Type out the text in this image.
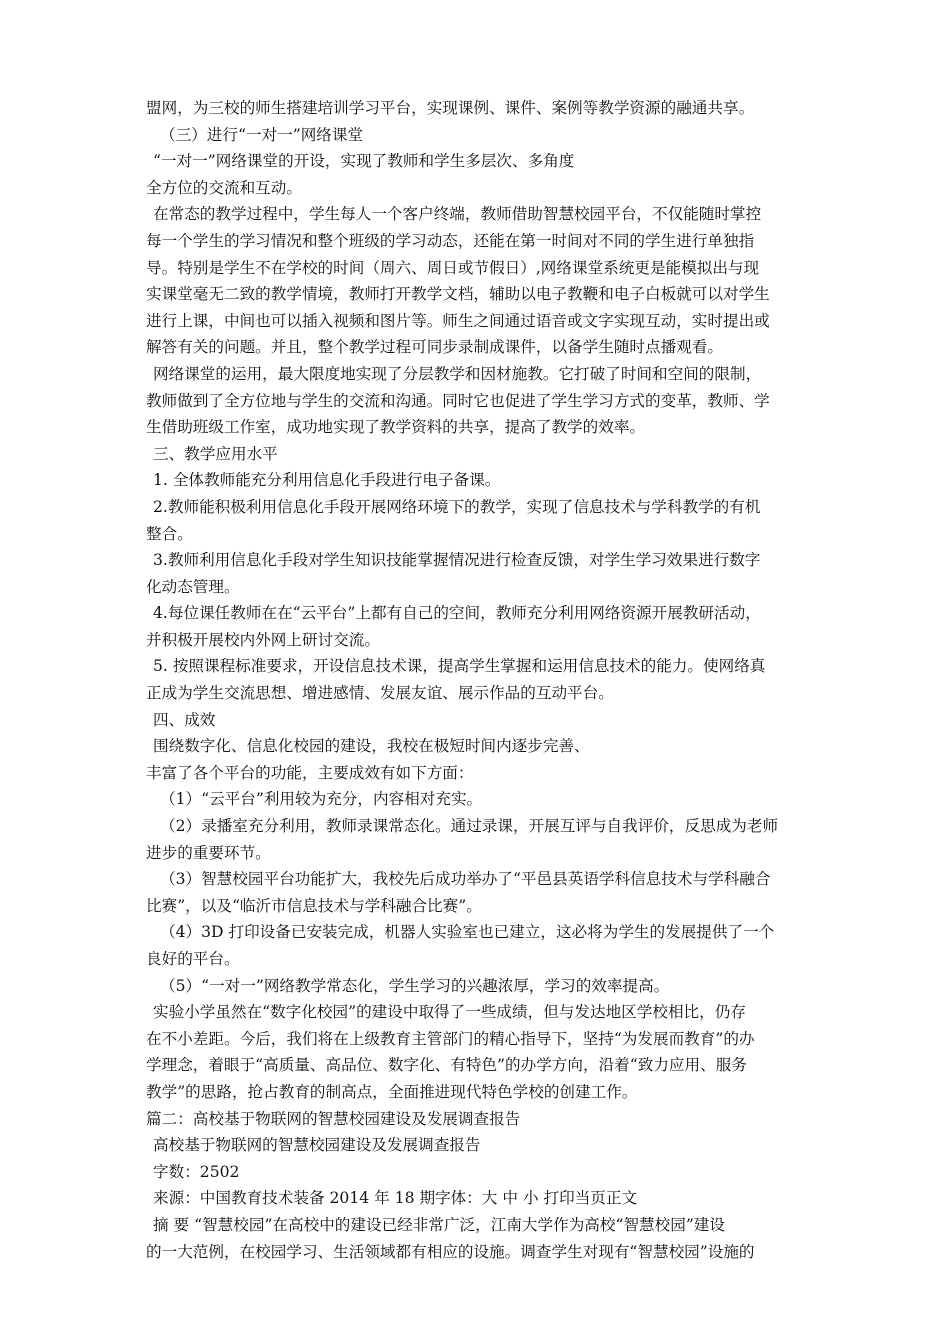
盟网，为三校的师生搭建培训学习平台，实现课例、课件、案例等教学资源的融通共享。
（三）进行“一对一”网络课堂
“一对一”网络课堂的开设，实现了教师和学生多层次、多角度
全方位的交流和互动。
在常态的教学过程中，学生每人一个客户终端，教师借助智慧校园平台，不仅能随时掌控
每一个学生的学习情况和整个班级的学习动态，还能在第一时间对不同的学生进行单独指
导。特别是学生不在学校的时间（周六、周日或节假日）,网络课堂系统更是能模拟出与现
实课堂毫无二致的教学情境，教师打开教学文档，辅助以电子教鞭和电子白板就可以对学生
进行上课，中间也可以插入视频和图片等。师生之间通过语音或文字实现互动，实时提出或
解答有关的问题。并且，整个教学过程可同步录制成课件，以备学生随时点播观看。
网络课堂的运用，最大限度地实现了分层教学和因材施教。它打破了时间和空间的限制，
教师做到了全方位地与学生的交流和沟通。同时它也促进了学生学习方式的变革，教师、学
生借助班级工作室，成功地实现了教学资料的共享，提高了教学的效率。
三、教学应用水平
1. 全体教师能充分利用信息化手段进行电子备课。
2.教师能积极利用信息化手段开展网络环境下的教学，实现了信息技术与学科教学的有机
整合。
3.教师利用信息化手段对学生知识技能掌握情况进行检查反馈，对学生学习效果进行数字
化动态管理。
4.每位课任教师在在“云平台”上都有自己的空间，教师充分利用网络资源开展教研活动，
并积极开展校内外网上研讨交流。
5. 按照课程标准要求，开设信息技术课，提高学生掌握和运用信息技术的能力。使网络真
正成为学生交流思想、增进感情、发展友谊、展示作品的互动平台。
四、成效
围绕数字化、信息化校园的建设，我校在极短时间内逐步完善、
丰富了各个平台的功能，主要成效有如下方面：
（1）“云平台”利用较为充分，内容相对充实。
（2）录播室充分利用，教师录课常态化。通过录课，开展互评与自我评价，反思成为老师
进步的重要环节。
（3）智慧校园平台功能扩大，我校先后成功举办了“平邑县英语学科信息技术与学科融合
比赛”，以及“临沂市信息技术与学科融合比赛”。
（4）3D 打印设备已安装完成，机器人实验室也已建立，这必将为学生的发展提供了一个
良好的平台。
（5）“一对一”网络教学常态化，学生学习的兴趣浓厚，学习的效率提高。
实验小学虽然在“数字化校园”的建设中取得了一些成绩，但与发达地区学校相比，仍存
在不小差距。今后，我们将在上级教育主管部门的精心指导下，坚持“为发展而教育”的办
学理念，着眼于“高质量、高品位、数字化、有特色”的办学方向，沿着“致力应用、服务
教学”的思路，抢占教育的制高点，全面推进现代特色学校的创建工作。
篇二：高校基于物联网的智慧校园建设及发展调查报告
高校基于物联网的智慧校园建设及发展调查报告
字数：2502
来源：中国教育技术装备 2014 年 18 期字体：大 中 小 打印当页正文
摘 要 “智慧校园”在高校中的建设已经非常广泛，江南大学作为高校“智慧校园”建设
的一大范例，在校园学习、生活领域都有相应的设施。调查学生对现有“智慧校园”设施的
